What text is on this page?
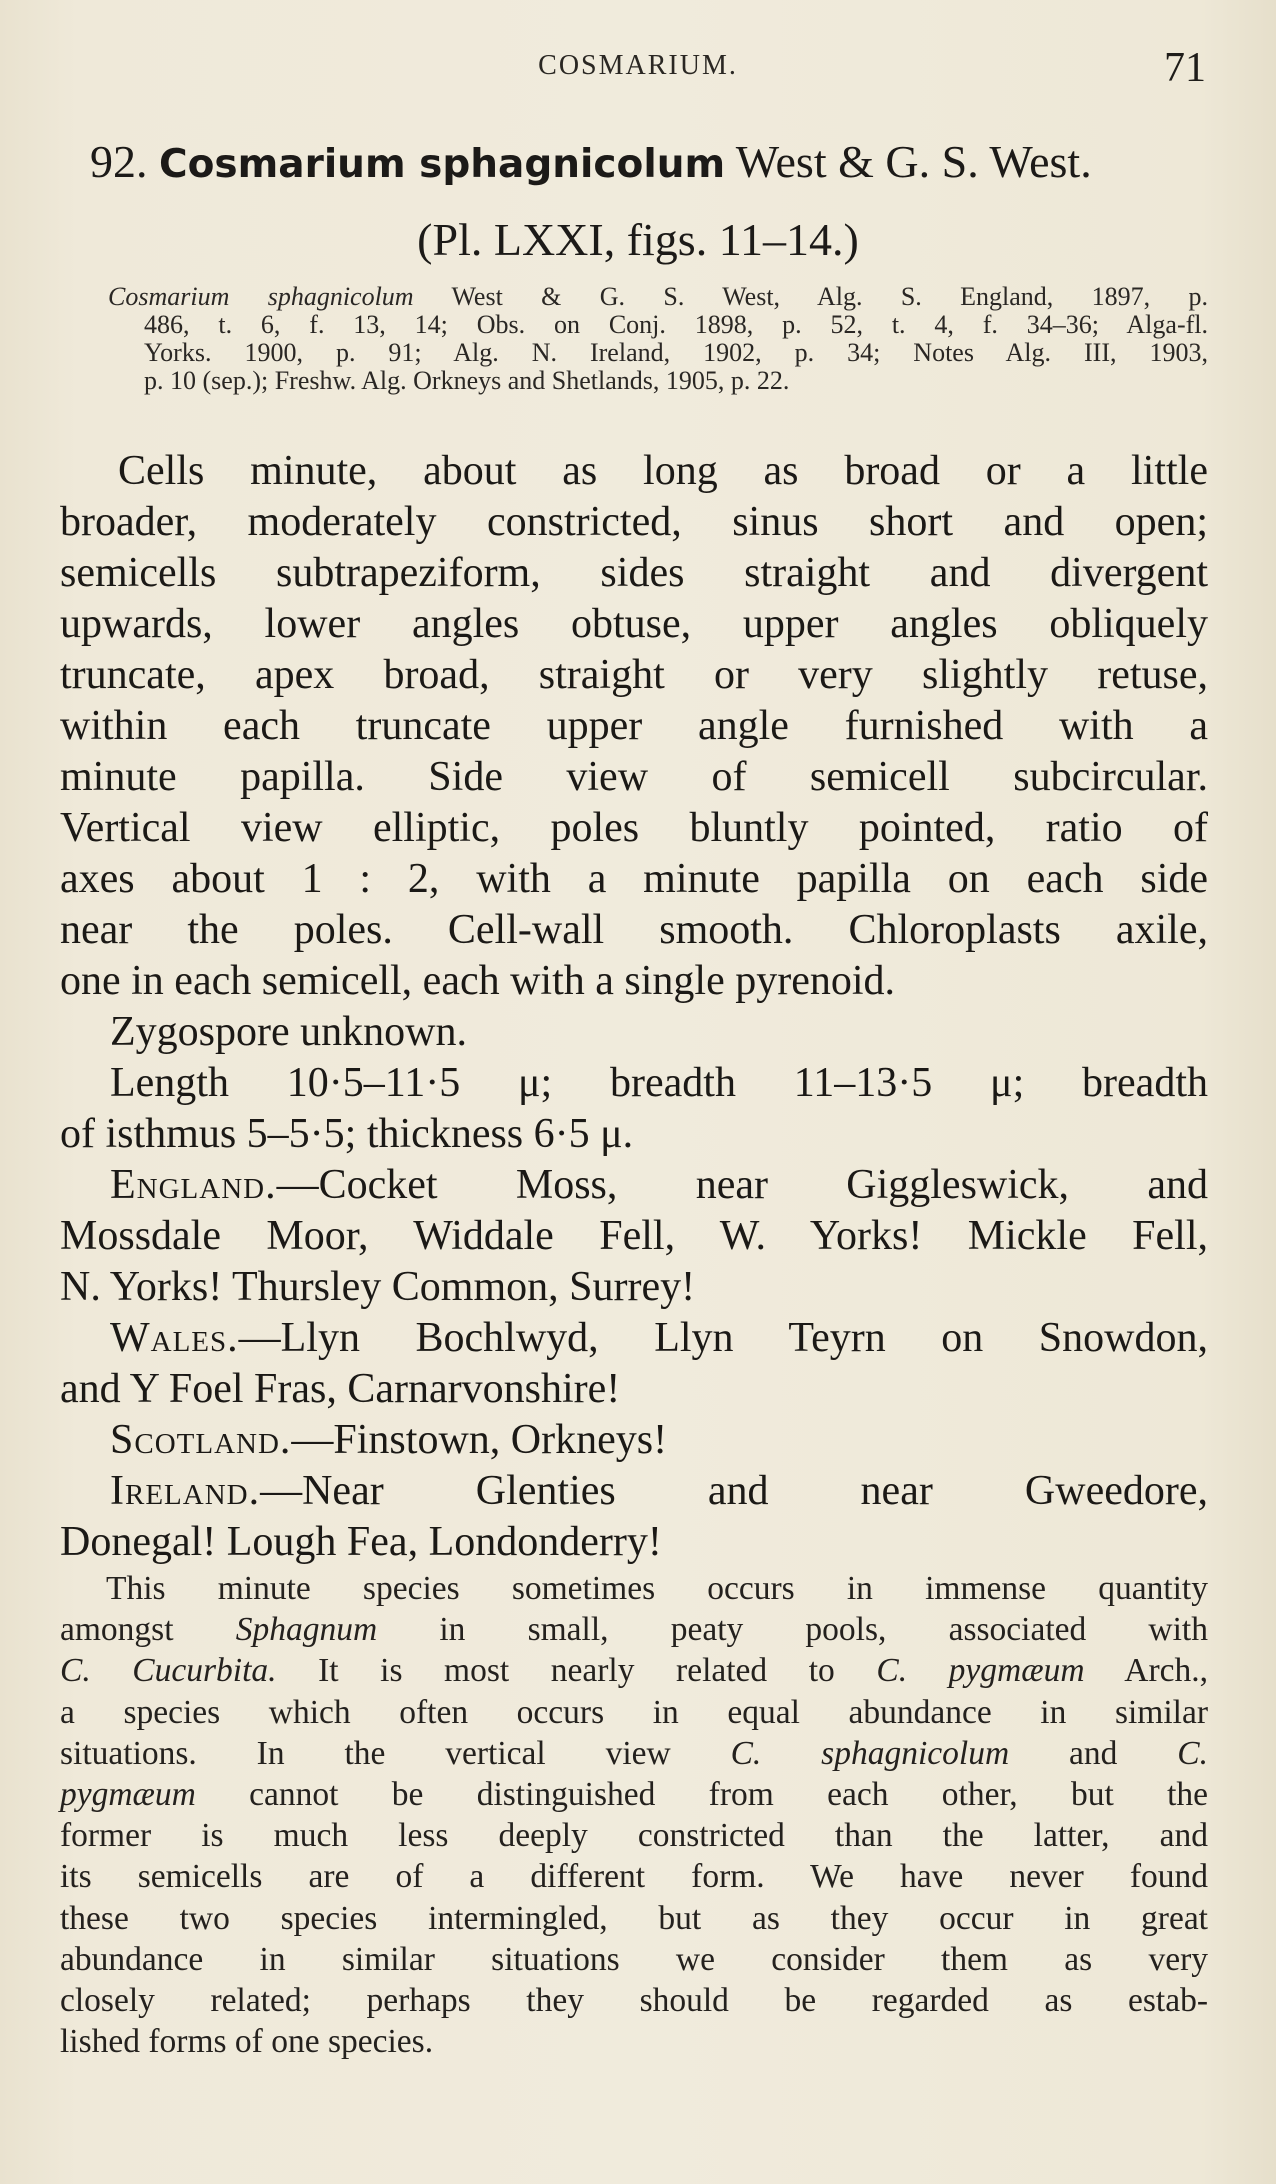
COSMARIUM.	71
92. Cosmarium sphagnicolum West & G. S. West.
(Pl. LXXI, figs. 11–14.)
Cosmarium sphagnicolum West & G. S. West, Alg. S. England, 1897, p.
486, t. 6, f. 13, 14; Obs. on Conj. 1898, p. 52, t. 4, f. 34–36; Alga-fl.
Yorks. 1900, p. 91; Alg. N. Ireland, 1902, p. 34; Notes Alg. III, 1903,
p. 10 (sep.); Freshw. Alg. Orkneys and Shetlands, 1905, p. 22.
Cells minute, about as long as broad or a little
broader, moderately constricted, sinus short and open;
semicells subtrapeziform, sides straight and divergent
upwards, lower angles obtuse, upper angles obliquely
truncate, apex broad, straight or very slightly retuse,
within each truncate upper angle furnished with a
minute papilla. Side view of semicell subcircular.
Vertical view elliptic, poles bluntly pointed, ratio of
axes about 1 : 2, with a minute papilla on each side
near the poles. Cell-wall smooth. Chloroplasts axile,
one in each semicell, each with a single pyrenoid.
Zygospore unknown.
Length 10·5–11·5 μ; breadth 11–13·5 μ; breadth
of isthmus 5–5·5; thickness 6·5 μ.
England.—Cocket Moss, near Giggleswick, and
Mossdale Moor, Widdale Fell, W. Yorks! Mickle Fell,
N. Yorks! Thursley Common, Surrey!
Wales.—Llyn Bochlwyd, Llyn Teyrn on Snowdon,
and Y Foel Fras, Carnarvonshire!
Scotland.—Finstown, Orkneys!
Ireland.—Near Glenties and near Gweedore,
Donegal! Lough Fea, Londonderry!
This minute species sometimes occurs in immense quantity
amongst Sphagnum in small, peaty pools, associated with
C. Cucurbita. It is most nearly related to C. pygmæum Arch.,
a species which often occurs in equal abundance in similar
situations. In the vertical view C. sphagnicolum and C.
pygmæum cannot be distinguished from each other, but the
former is much less deeply constricted than the latter, and
its semicells are of a different form. We have never found
these two species intermingled, but as they occur in great
abundance in similar situations we consider them as very
closely related; perhaps they should be regarded as estab-
lished forms of one species.
